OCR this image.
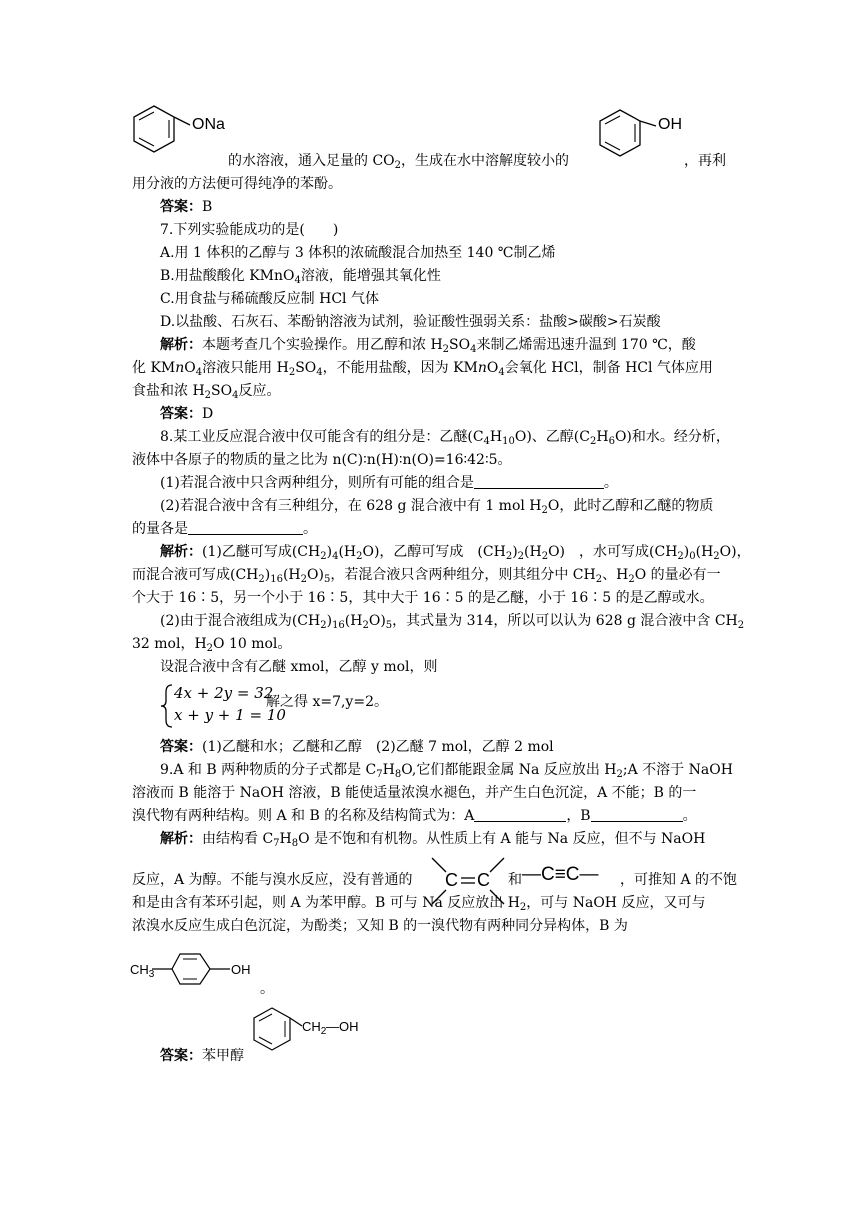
ONa
的水溶液，通入足量的 $CO_2$，生成在水中溶解度较小的
OH
，再利
用分液的方法便可得纯净的苯酚。
答案：B
7.下列实验能成功的是(　　)
A.用 1 体积的乙醇与 3 体积的浓硫酸混合加热至 140 ℃制乙烯
B.用盐酸酸化 KMnO$_4$溶液，能增强其氧化性
C.用食盐与稀硫酸反应制 HCl 气体
D.以盐酸、石灰石、苯酚钠溶液为试剂，验证酸性强弱关系：盐酸>碳酸>石炭酸
解析：本题考查几个实验操作。用乙醇和浓 $H_2SO_4$来制乙烯需迅速升温到 170 ℃，酸
化 KMnO$_4$溶液只能用 $H_2SO_4$，不能用盐酸，因为 KMnO$_4$会氧化 HCl，制备 HCl 气体应用
食盐和浓 $H_2SO_4$反应。
答案：D
8.某工业反应混合液中仅可能含有的组分是：乙醚$(C_4H_{10}O)$、乙醇$(C_2H_6O)$和水。经分析，
液体中各原子的物质的量之比为 n(C)∶n(H)∶n(O)=16∶42∶5。
(1)若混合液中只含两种组分，则所有可能的组合是	。
(2)若混合液中含有三种组分，在 628 g 混合液中有 1 mol $H_2O$，此时乙醇和乙醚的物质
的量各是	。
解析：(1)乙醚可写成$(CH_2)_4(H_2O)$，乙醇可写成　$(CH_2)_2(H_2O)$　，水可写成$(CH_2)_0(H_2O)$，
而混合液可写成$(CH_2)_{16}(H_2O)_5$，若混合液只含两种组分，则其组分中 $CH_2$、$H_2O$ 的量必有一
个大于 16∶5，另一个小于 16∶5，其中大于 16∶5 的是乙醚，小于 16∶5 的是乙醇或水。
(2)由于混合液组成为$(CH_2)_{16}(H_2O)_5$，其式量为 314，所以可以认为 628 g 混合液中含 $CH_2$
32 mol，$H_2O$ 10 mol。
设混合液中含有乙醚 xmol，乙醇 y mol，则
4x + 2y = 32
x + y + 1 = 10
解之得 x=7,y=2。
答案：(1)乙醚和水；乙醚和乙醇　(2)乙醚 7 mol，乙醇 2 mol
9.A 和 B 两种物质的分子式都是 $C_7H_8O$,它们都能跟金属 Na 反应放出 $H_2;A$ 不溶于 NaOH
溶液而 B 能溶于 NaOH 溶液，B 能使适量浓溴水褪色，并产生白色沉淀，A 不能；B 的一
溴代物有两种结构。则 A 和 B 的名称及结构简式为：A	，B	。
解析：由结构看 $C_7H_8O$ 是不饱和有机物。从性质上有 A 能与 Na 反应，但不与 NaOH
C C
反应，A 为醇。不能与溴水反应，没有普通的	和 —C≡C— ，可推知 A 的不饱
和是由含有苯环引起，则 A 为苯甲醇。B 可与 Na 反应放出 $H_2$，可与 NaOH 反应，又可与
浓溴水反应生成白色沉淀，为酚类；又知 B 的一溴代物有两种同分异构体，B 为
$CH_3$	OH
。
答案：苯甲醇
$CH_2$ —OH
